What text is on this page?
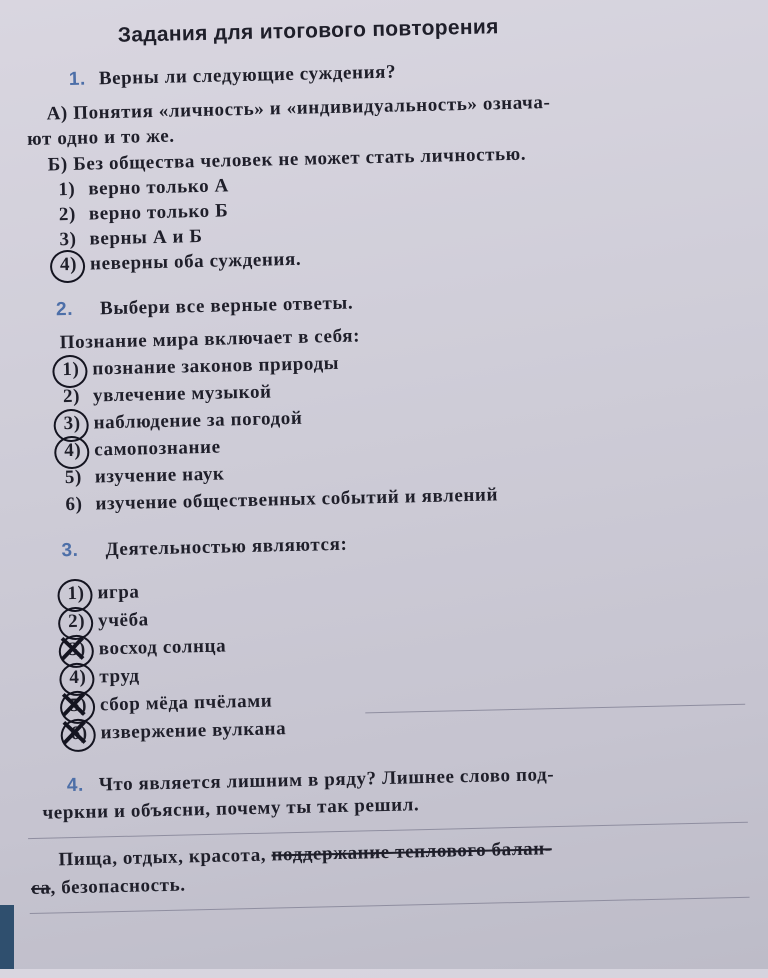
Задания для итогового повторения
1. Верны ли следующие суждения?
А) Понятия «личность» и «индивидуальность» означа-
ют одно и то же.
Б) Без общества человек не может стать личностью.
1) верно только А
2) верно только Б
3) верны А и Б
4) неверны оба суждения.
2. Выбери все верные ответы.
Познание мира включает в себя:
1) познание законов природы
2) увлечение музыкой
3) наблюдение за погодой
4) самопознание
5) изучение наук
6) изучение общественных событий и явлений
3. Деятельностью являются:
1) игра
2) учёба
3) ✕ восход солнца
4) труд
5) ✕ сбор мёда пчёлами
6) ✕ извержение вулкана
4. Что является лишним в ряду? Лишнее слово под-
черкни и объясни, почему ты так решил.
Пища, отдых, красота, поддержание теплового балан-
са, безопасность.
